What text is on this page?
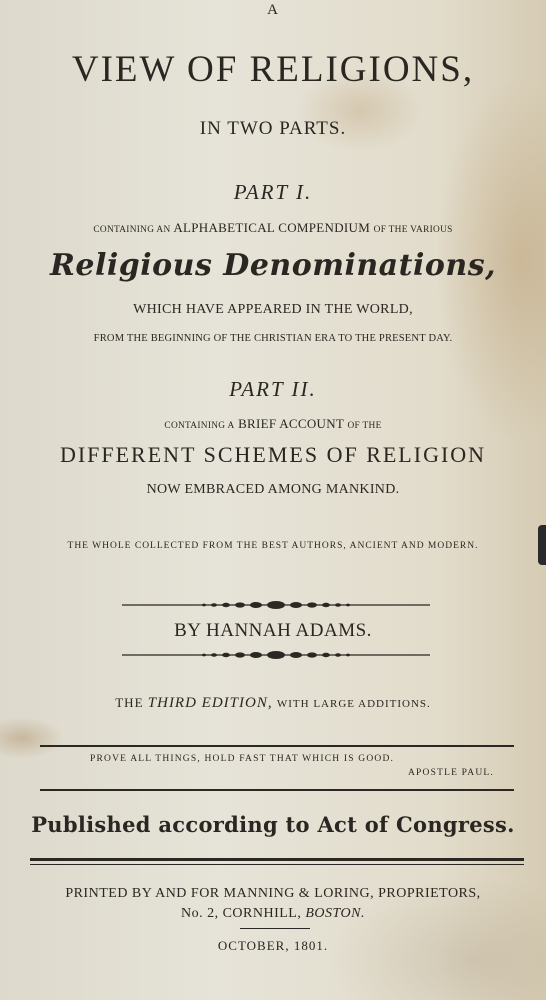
A
VIEW OF RELIGIONS,
IN TWO PARTS.
PART I.
CONTAINING AN ALPHABETICAL COMPENDIUM OF THE VARIOUS
Religious Denominations,
WHICH HAVE APPEARED IN THE WORLD,
FROM THE BEGINNING OF THE CHRISTIAN ERA TO THE PRESENT DAY.
PART II.
CONTAINING A BRIEF ACCOUNT OF THE
DIFFERENT SCHEMES OF RELIGION
NOW EMBRACED AMONG MANKIND.
THE WHOLE COLLECTED FROM THE BEST AUTHORS, ANCIENT AND MODERN.
BY HANNAH ADAMS.
THE THIRD EDITION, WITH LARGE ADDITIONS.
PROVE ALL THINGS, HOLD FAST THAT WHICH IS GOOD.
APOSTLE PAUL.
Published according to Act of Congress.
PRINTED BY AND FOR MANNING & LORING, PROPRIETORS,
No. 2, CORNHILL, BOSTON.
OCTOBER, 1801.
